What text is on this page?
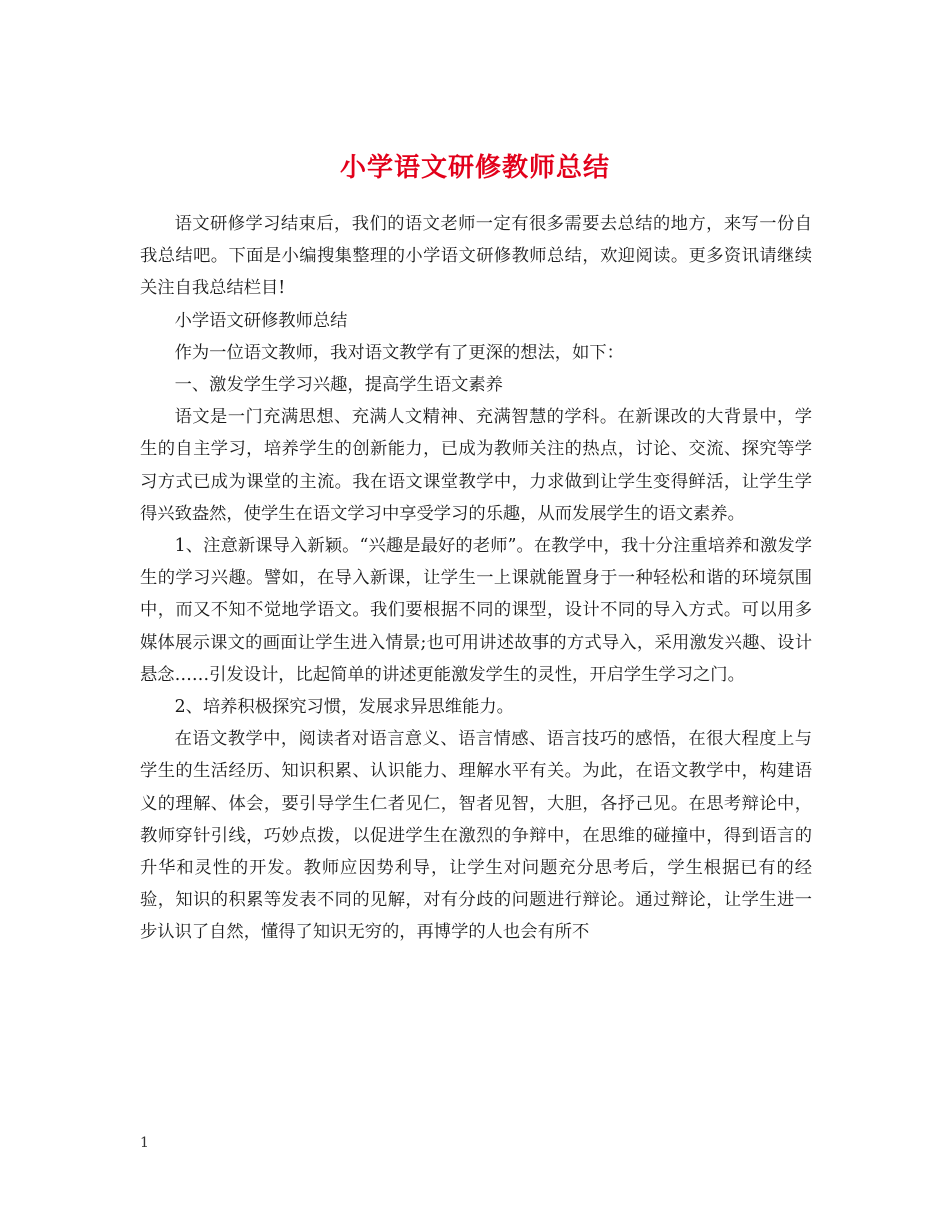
小学语文研修教师总结

语文研修学习结束后，我们的语文老师一定有很多需要去总结的地方，来写一份自我总结吧。下面是小编搜集整理的小学语文研修教师总结，欢迎阅读。更多资讯请继续关注自我总结栏目!

小学语文研修教师总结

作为一位语文教师，我对语文教学有了更深的想法，如下：

一、激发学生学习兴趣，提高学生语文素养

语文是一门充满思想、充满人文精神、充满智慧的学科。在新课改的大背景中，学生的自主学习，培养学生的创新能力，已成为教师关注的热点，讨论、交流、探究等学习方式已成为课堂的主流。我在语文课堂教学中，力求做到让学生变得鲜活，让学生学得兴致盎然，使学生在语文学习中享受学习的乐趣，从而发展学生的语文素养。

1、注意新课导入新颖。“兴趣是最好的老师”。在教学中，我十分注重培养和激发学生的学习兴趣。譬如，在导入新课，让学生一上课就能置身于一种轻松和谐的环境氛围中，而又不知不觉地学语文。我们要根据不同的课型，设计不同的导入方式。可以用多媒体展示课文的画面让学生进入情景;也可用讲述故事的方式导入，采用激发兴趣、设计悬念……引发设计，比起简单的讲述更能激发学生的灵性，开启学生学习之门。

2、培养积极探究习惯，发展求异思维能力。

在语文教学中，阅读者对语言意义、语言情感、语言技巧的感悟，在很大程度上与学生的生活经历、知识积累、认识能力、理解水平有关。为此，在语文教学中，构建语义的理解、体会，要引导学生仁者见仁，智者见智，大胆，各抒己见。在思考辩论中，教师穿针引线，巧妙点拨，以促进学生在激烈的争辩中，在思维的碰撞中，得到语言的升华和灵性的开发。教师应因势利导，让学生对问题充分思考后，学生根据已有的经验，知识的积累等发表不同的见解，对有分歧的问题进行辩论。通过辩论，让学生进一步认识了自然，懂得了知识无穷的，再博学的人也会有所不

1
